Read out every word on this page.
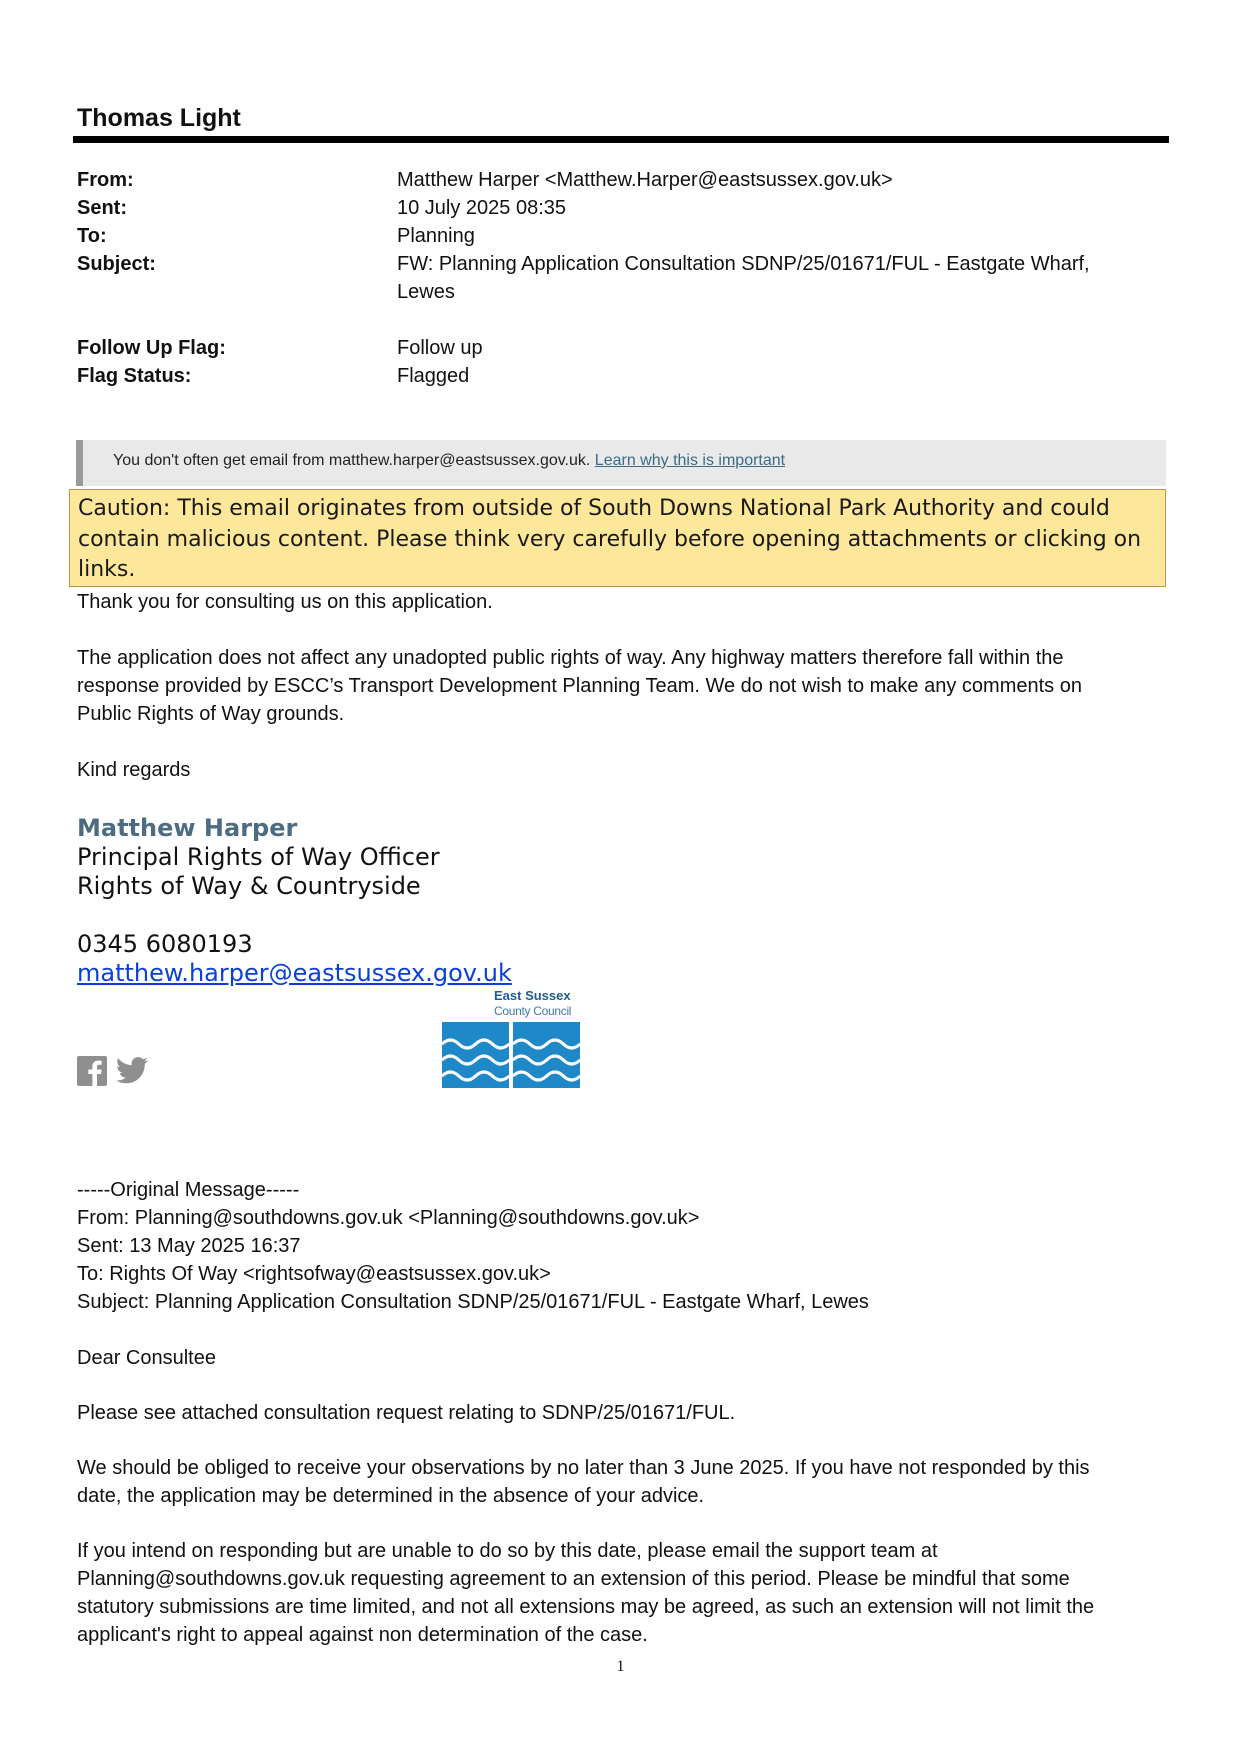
Thomas Light
From:	Matthew Harper <Matthew.Harper@eastsussex.gov.uk>
Sent:	10 July 2025 08:35
To:	Planning
Subject:	FW: Planning Application Consultation SDNP/25/01671/FUL - Eastgate Wharf,
Lewes
Follow Up Flag:	Follow up
Flag Status:	Flagged
You don't often get email from matthew.harper@eastsussex.gov.uk. Learn why this is important
Caution: This email originates from outside of South Downs National Park Authority and could
contain malicious content. Please think very carefully before opening attachments or clicking on
links.
Thank you for consulting us on this application.
The application does not affect any unadopted public rights of way. Any highway matters therefore fall within the
response provided by ESCC’s Transport Development Planning Team. We do not wish to make any comments on
Public Rights of Way grounds.
Kind regards
Matthew Harper
Principal Rights of Way Officer
Rights of Way & Countryside
0345 6080193
matthew.harper@eastsussex.gov.uk

East Sussex
County Council
-----Original Message-----
From: Planning@southdowns.gov.uk <Planning@southdowns.gov.uk>
Sent: 13 May 2025 16:37
To: Rights Of Way <rightsofway@eastsussex.gov.uk>
Subject: Planning Application Consultation SDNP/25/01671/FUL - Eastgate Wharf, Lewes
Dear Consultee
Please see attached consultation request relating to SDNP/25/01671/FUL.
We should be obliged to receive your observations by no later than 3 June 2025. If you have not responded by this
date, the application may be determined in the absence of your advice.
If you intend on responding but are unable to do so by this date, please email the support team at
Planning@southdowns.gov.uk requesting agreement to an extension of this period. Please be mindful that some
statutory submissions are time limited, and not all extensions may be agreed, as such an extension will not limit the
applicant's right to appeal against non determination of the case.
1
